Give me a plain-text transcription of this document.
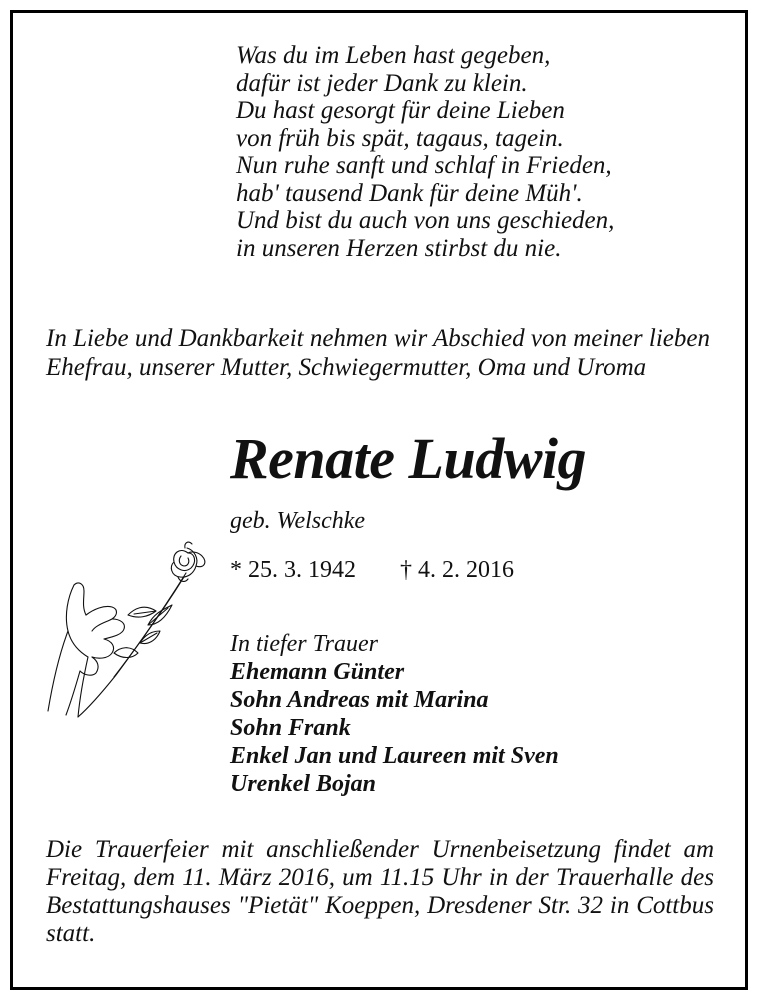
Was du im Leben hast gegeben,
dafür ist jeder Dank zu klein.
Du hast gesorgt für deine Lieben
von früh bis spät, tagaus, tagein.
Nun ruhe sanft und schlaf in Frieden,
hab' tausend Dank für deine Müh'.
Und bist du auch von uns geschieden,
in unseren Herzen stirbst du nie.
In Liebe und Dankbarkeit nehmen wir Abschied von meiner lieben Ehefrau, unserer Mutter, Schwiegermutter, Oma und Uroma
Renate Ludwig
geb. Welschke
* 25. 3. 1942 † 4. 2. 2016
In tiefer Trauer
Ehemann Günter
Sohn Andreas mit Marina
Sohn Frank
Enkel Jan und Laureen mit Sven
Urenkel Bojan
Die Trauerfeier mit anschließender Urnenbeisetzung findet am Freitag, dem 11. März 2016, um 11.15 Uhr in der Trauerhalle des Bestattungshauses "Pietät" Koeppen, Dresdener Str. 32 in Cottbus statt.
